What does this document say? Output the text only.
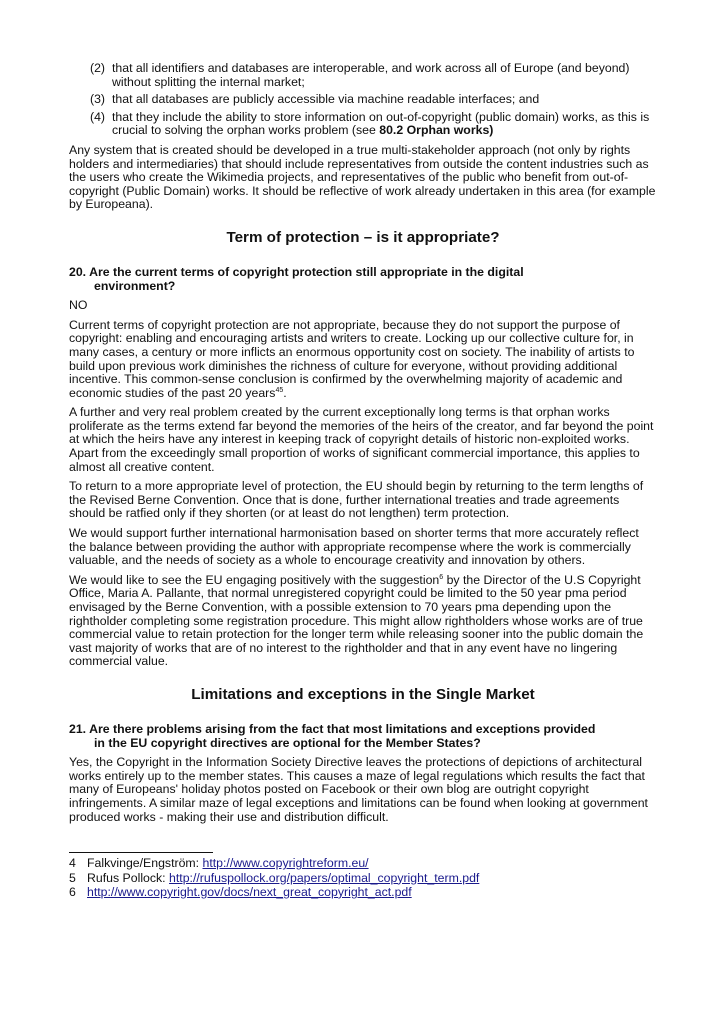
(2) that all identifiers and databases are interoperable, and work across all of Europe (and beyond) without splitting the internal market;
(3) that all databases are publicly accessible via machine readable interfaces; and
(4) that they include the ability to store information on out-of-copyright (public domain) works, as this is crucial to solving the orphan works problem (see 80.2 Orphan works)

Any system that is created should be developed in a true multi-stakeholder approach (not only by rights holders and intermediaries) that should include representatives from outside the content industries such as the users who create the Wikimedia projects, and representatives of the public who benefit from out-of-copyright (Public Domain) works. It should be reflective of work already undertaken in this area (for example by Europeana).

Term of protection – is it appropriate?
20. Are the current terms of copyright protection still appropriate in the digital
environment?

NO

Current terms of copyright protection are not appropriate, because they do not support the purpose of copyright: enabling and encouraging artists and writers to create. Locking up our collective culture for, in many cases, a century or more inflicts an enormous opportunity cost on society. The inability of artists to build upon previous work diminishes the richness of culture for everyone, without providing additional incentive. This common-sense conclusion is confirmed by the overwhelming majority of academic and economic studies of the past 20 years$^{45}$.

A further and very real problem created by the current exceptionally long terms is that orphan works proliferate as the terms extend far beyond the memories of the heirs of the creator, and far beyond the point at which the heirs have any interest in keeping track of copyright details of historic non-exploited works. Apart from the exceedingly small proportion of works of significant commercial importance, this applies to almost all creative content.

To return to a more appropriate level of protection, the EU should begin by returning to the term lengths of the Revised Berne Convention. Once that is done, further international treaties and trade agreements should be ratfied only if they shorten (or at least do not lengthen) term protection.

We would support further international harmonisation based on shorter terms that more accurately reflect the balance between providing the author with appropriate recompense where the work is commercially valuable, and the needs of society as a whole to encourage creativity and innovation by others.

We would like to see the EU engaging positively with the suggestion$^6$ by the Director of the U.S Copyright Office, Maria A. Pallante, that normal unregistered copyright could be limited to the 50 year pma period envisaged by the Berne Convention, with a possible extension to 70 years pma depending upon the rightholder completing some registration procedure. This might allow rightholders whose works are of true commercial value to retain protection for the longer term while releasing sooner into the public domain the vast majority of works that are of no interest to the rightholder and that in any event have no lingering commercial value.

Limitations and exceptions in the Single Market
21. Are there problems arising from the fact that most limitations and exceptions provided
in the EU copyright directives are optional for the Member States?

Yes, the Copyright in the Information Society Directive leaves the protections of depictions of architectural works entirely up to the member states. This causes a maze of legal regulations which results the fact that many of Europeans' holiday photos posted on Facebook or their own blog are outright copyright infringements. A similar maze of legal exceptions and limitations can be found when looking at government produced works - making their use and distribution difficult.

4 Falkvinge/Engström: http://www.copyrightreform.eu/
5 Rufus Pollock: http://rufuspollock.org/papers/optimal_copyright_term.pdf
6 http://www.copyright.gov/docs/next_great_copyright_act.pdf
